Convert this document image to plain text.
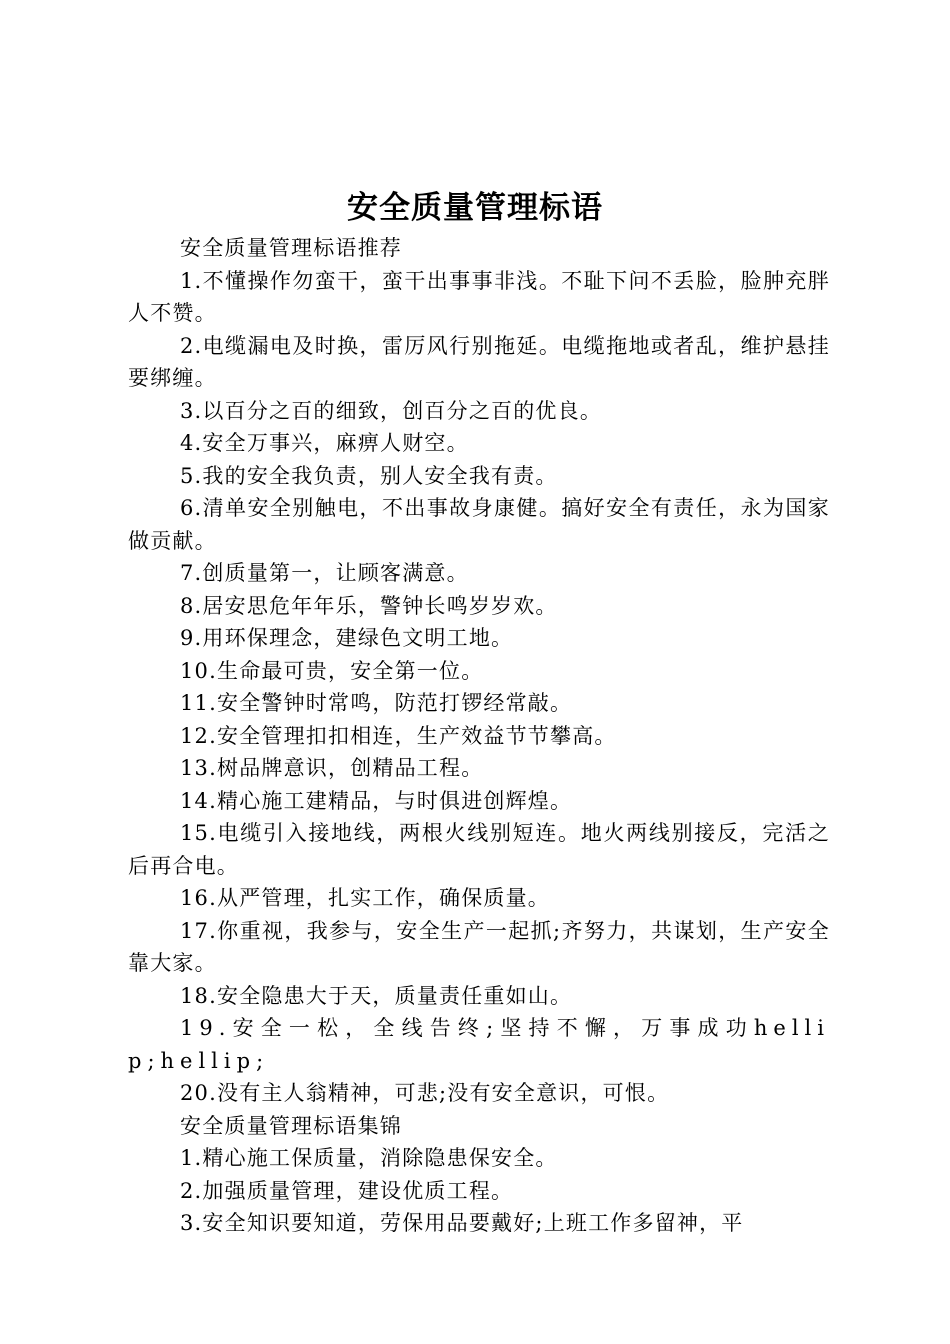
安全质量管理标语

安全质量管理标语推荐

1.不懂操作勿蛮干，蛮干出事事非浅。不耻下问不丢脸，脸肿充胖人不赞。

2.电缆漏电及时换，雷厉风行别拖延。电缆拖地或者乱，维护悬挂要绑缠。

3.以百分之百的细致，创百分之百的优良。

4.安全万事兴，麻痹人财空。

5.我的安全我负责，别人安全我有责。

6.清单安全别触电，不出事故身康健。搞好安全有责任，永为国家做贡献。

7.创质量第一，让顾客满意。

8.居安思危年年乐，警钟长鸣岁岁欢。

9.用环保理念，建绿色文明工地。

10.生命最可贵，安全第一位。

11.安全警钟时常鸣，防范打锣经常敲。

12.安全管理扣扣相连，生产效益节节攀高。

13.树品牌意识，创精品工程。

14.精心施工建精品，与时俱进创辉煌。

15.电缆引入接地线，两根火线别短连。地火两线别接反，完活之后再合电。

16.从严管理，扎实工作，确保质量。

17.你重视，我参与，安全生产一起抓;齐努力，共谋划，生产安全靠大家。

18.安全隐患大于天，质量责任重如山。

19.安全一松，全线告终;坚持不懈，万事成功hellip;hellip;

20.没有主人翁精神，可悲;没有安全意识，可恨。

安全质量管理标语集锦

1.精心施工保质量，消除隐患保安全。

2.加强质量管理，建设优质工程。

3.安全知识要知道，劳保用品要戴好;上班工作多留神，平
